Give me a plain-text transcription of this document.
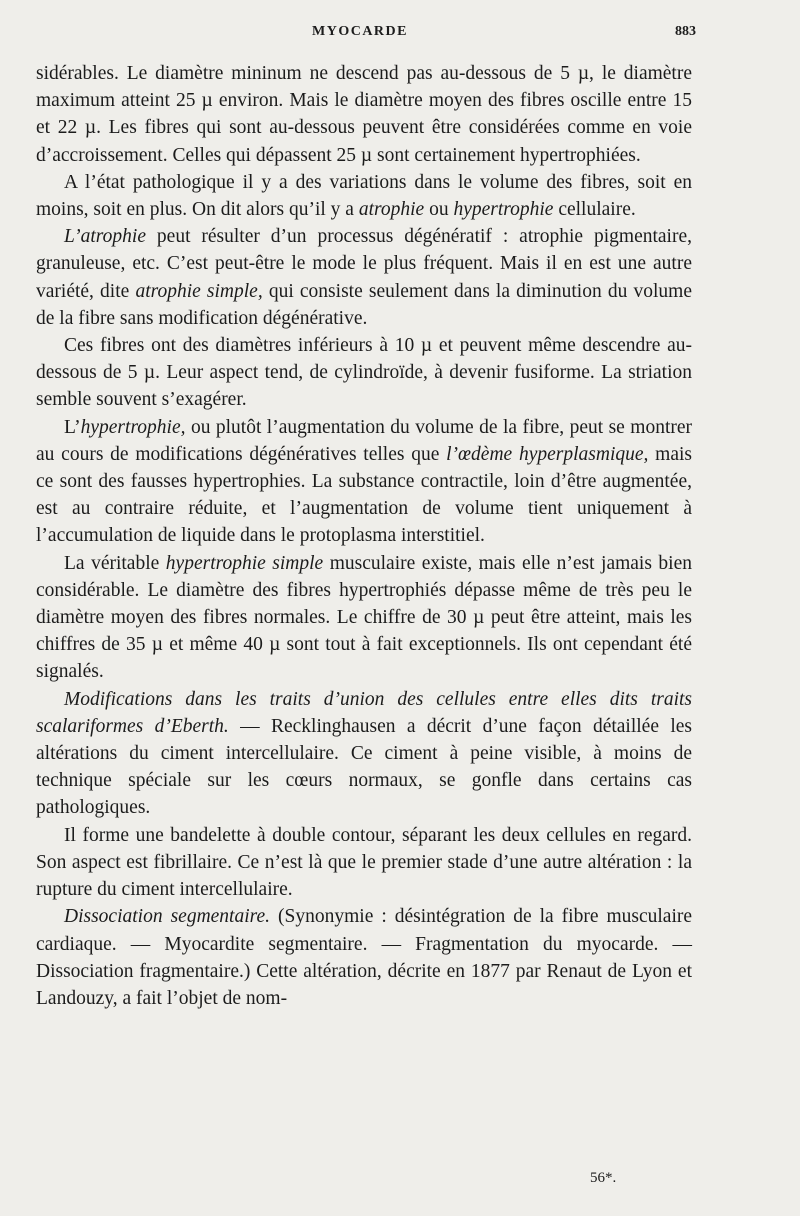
MYOCARDE	883

sidérables. Le diamètre mininum ne descend pas au-dessous de 5 µ, le diamètre maximum atteint 25 µ environ. Mais le diamètre moyen des fibres oscille entre 15 et 22 µ. Les fibres qui sont au-dessous peuvent être considérées comme en voie d’accroissement. Celles qui dépassent 25 µ sont certainement hypertrophiées.

A l’état pathologique il y a des variations dans le volume des fibres, soit en moins, soit en plus. On dit alors qu’il y a atrophie ou hypertrophie cellulaire.

L’atrophie peut résulter d’un processus dégénératif : atrophie pigmentaire, granuleuse, etc. C’est peut-être le mode le plus fréquent. Mais il en est une autre variété, dite atrophie simple, qui consiste seulement dans la diminution du volume de la fibre sans modification dégénérative.

Ces fibres ont des diamètres inférieurs à 10 µ et peuvent même descendre au-dessous de 5 µ. Leur aspect tend, de cylindroïde, à devenir fusiforme. La striation semble souvent s’exagérer.

L’hypertrophie, ou plutôt l’augmentation du volume de la fibre, peut se montrer au cours de modifications dégénératives telles que l’œdème hyperplasmique, mais ce sont des fausses hypertrophies. La substance contractile, loin d’être augmentée, est au contraire réduite, et l’augmentation de volume tient uniquement à l’accumulation de liquide dans le protoplasma interstitiel.

La véritable hypertrophie simple musculaire existe, mais elle n’est jamais bien considérable. Le diamètre des fibres hypertrophiés dépasse même de très peu le diamètre moyen des fibres normales. Le chiffre de 30 µ peut être atteint, mais les chiffres de 35 µ et même 40 µ sont tout à fait exceptionnels. Ils ont cependant été signalés.

Modifications dans les traits d’union des cellules entre elles dits traits scalariformes d’Eberth. — Recklinghausen a décrit d’une façon détaillée les altérations du ciment intercellulaire. Ce ciment à peine visible, à moins de technique spéciale sur les cœurs normaux, se gonfle dans certains cas pathologiques.

Il forme une bandelette à double contour, séparant les deux cellules en regard. Son aspect est fibrillaire. Ce n’est là que le premier stade d’une autre altération : la rupture du ciment intercellulaire.

Dissociation segmentaire. (Synonymie : désintégration de la fibre musculaire cardiaque. — Myocardite segmentaire. — Fragmentation du myocarde. — Dissociation fragmentaire.) Cette altération, décrite en 1877 par Renaut de Lyon et Landouzy, a fait l’objet de nom-

56*.
